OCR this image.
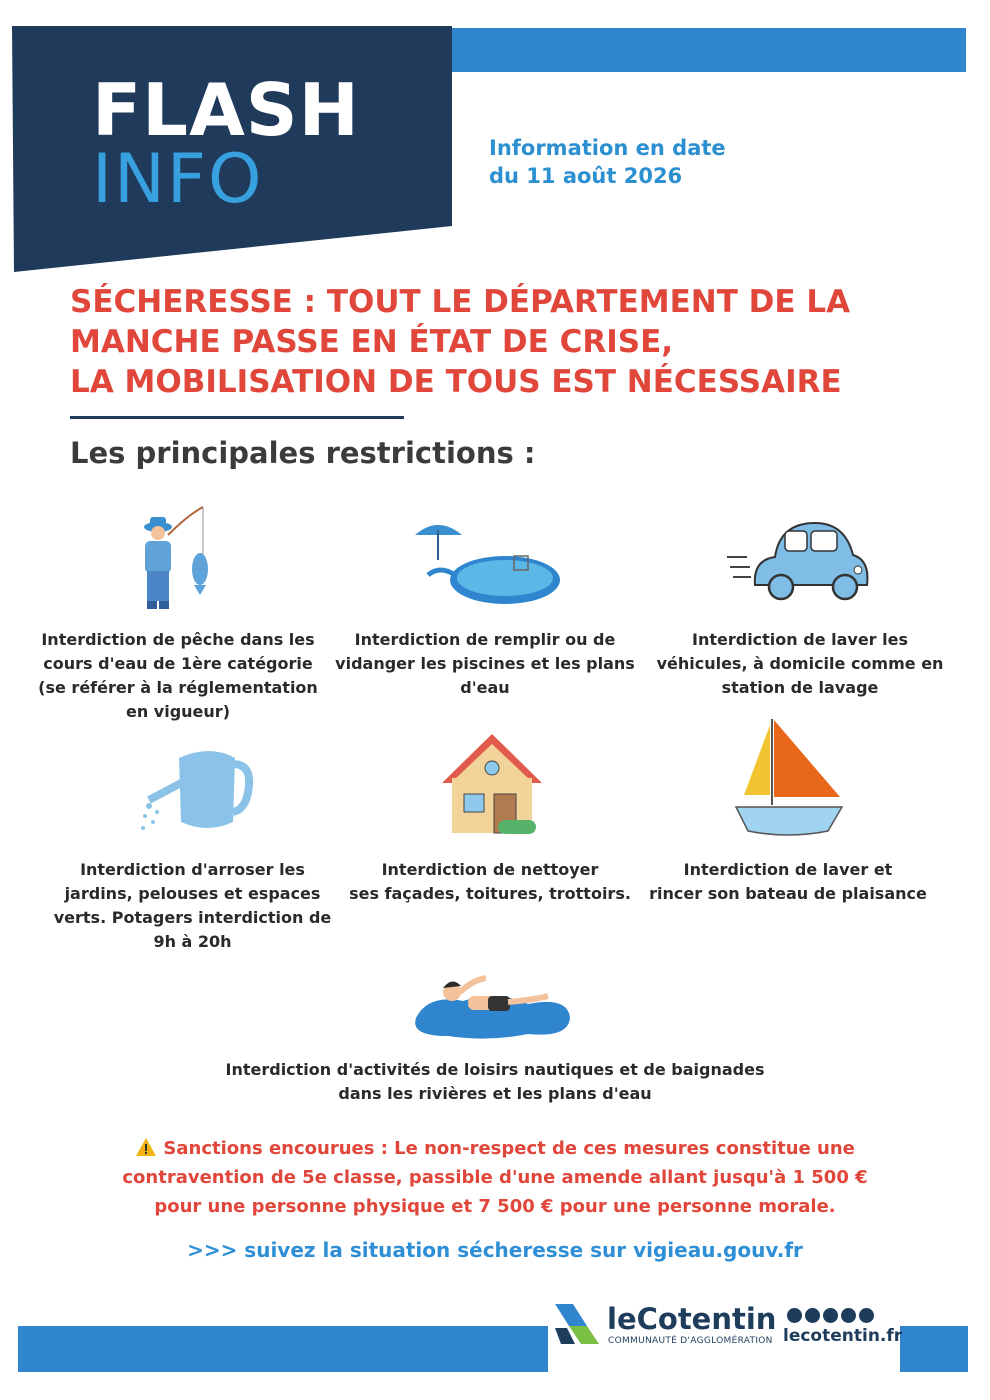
FLASH
INFO	Information en date
du 11 août 2026
SÉCHERESSE : TOUT LE DÉPARTEMENT DE LA
MANCHE PASSE EN ÉTAT DE CRISE,
LA MOBILISATION DE TOUS EST NÉCESSAIRE
Les principales restrictions :
Interdiction de pêche dans les
cours d'eau de 1ère catégorie
(se référer à la réglementation
en vigueur)
Interdiction de remplir ou de
vidanger les piscines et les plans
d'eau
Interdiction de laver les
véhicules, à domicile comme en
station de lavage
Interdiction d'arroser les
jardins, pelouses et espaces
verts. Potagers interdiction de
9h à 20h
Interdiction de nettoyer
ses façades, toitures, trottoirs.
Interdiction de laver et
rincer son bateau de plaisance
Interdiction d'activités de loisirs nautiques et de baignades
dans les rivières et les plans d'eau
Sanctions encourues : Le non-respect de ces mesures constitue une
contravention de 5e classe, passible d'une amende allant jusqu'à 1 500 €
pour une personne physique et 7 500 € pour une personne morale.
>>> suivez la situation sécheresse sur vigieau.gouv.fr
leCotentin
COMMUNAUTÉ D'AGGLOMÉRATION lecotentin.fr
